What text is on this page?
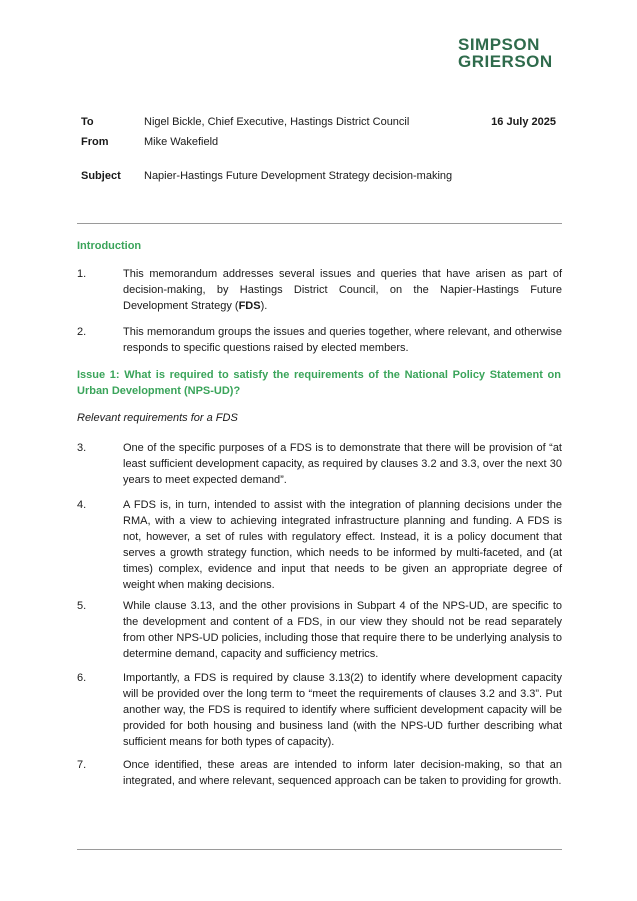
SIMPSON
GRIERSON
To	Nigel Bickle, Chief Executive, Hastings District Council	16 July 2025
From	Mike Wakefield
Subject Napier-Hastings Future Development Strategy decision-making
Introduction
1.	This memorandum addresses several issues and queries that have arisen as part of decision-making, by Hastings District Council, on the Napier-Hastings Future Development Strategy (FDS).
2.	This memorandum groups the issues and queries together, where relevant, and otherwise responds to specific questions raised by elected members.
Issue 1: What is required to satisfy the requirements of the National Policy Statement on Urban Development (NPS-UD)?
Relevant requirements for a FDS
3.	One of the specific purposes of a FDS is to demonstrate that there will be provision of “at least sufficient development capacity, as required by clauses 3.2 and 3.3, over the next 30 years to meet expected demand”.
4.	A FDS is, in turn, intended to assist with the integration of planning decisions under the RMA, with a view to achieving integrated infrastructure planning and funding. A FDS is not, however, a set of rules with regulatory effect. Instead, it is a policy document that serves a growth strategy function, which needs to be informed by multi-faceted, and (at times) complex, evidence and input that needs to be given an appropriate degree of weight when making decisions.
5.	While clause 3.13, and the other provisions in Subpart 4 of the NPS-UD, are specific to the development and content of a FDS, in our view they should not be read separately from other NPS-UD policies, including those that require there to be underlying analysis to determine demand, capacity and sufficiency metrics.
6.	Importantly, a FDS is required by clause 3.13(2) to identify where development capacity will be provided over the long term to “meet the requirements of clauses 3.2 and 3.3”. Put another way, the FDS is required to identify where sufficient development capacity will be provided for both housing and business land (with the NPS-UD further describing what sufficient means for both types of capacity).
7.	Once identified, these areas are intended to inform later decision-making, so that an integrated, and where relevant, sequenced approach can be taken to providing for growth.
